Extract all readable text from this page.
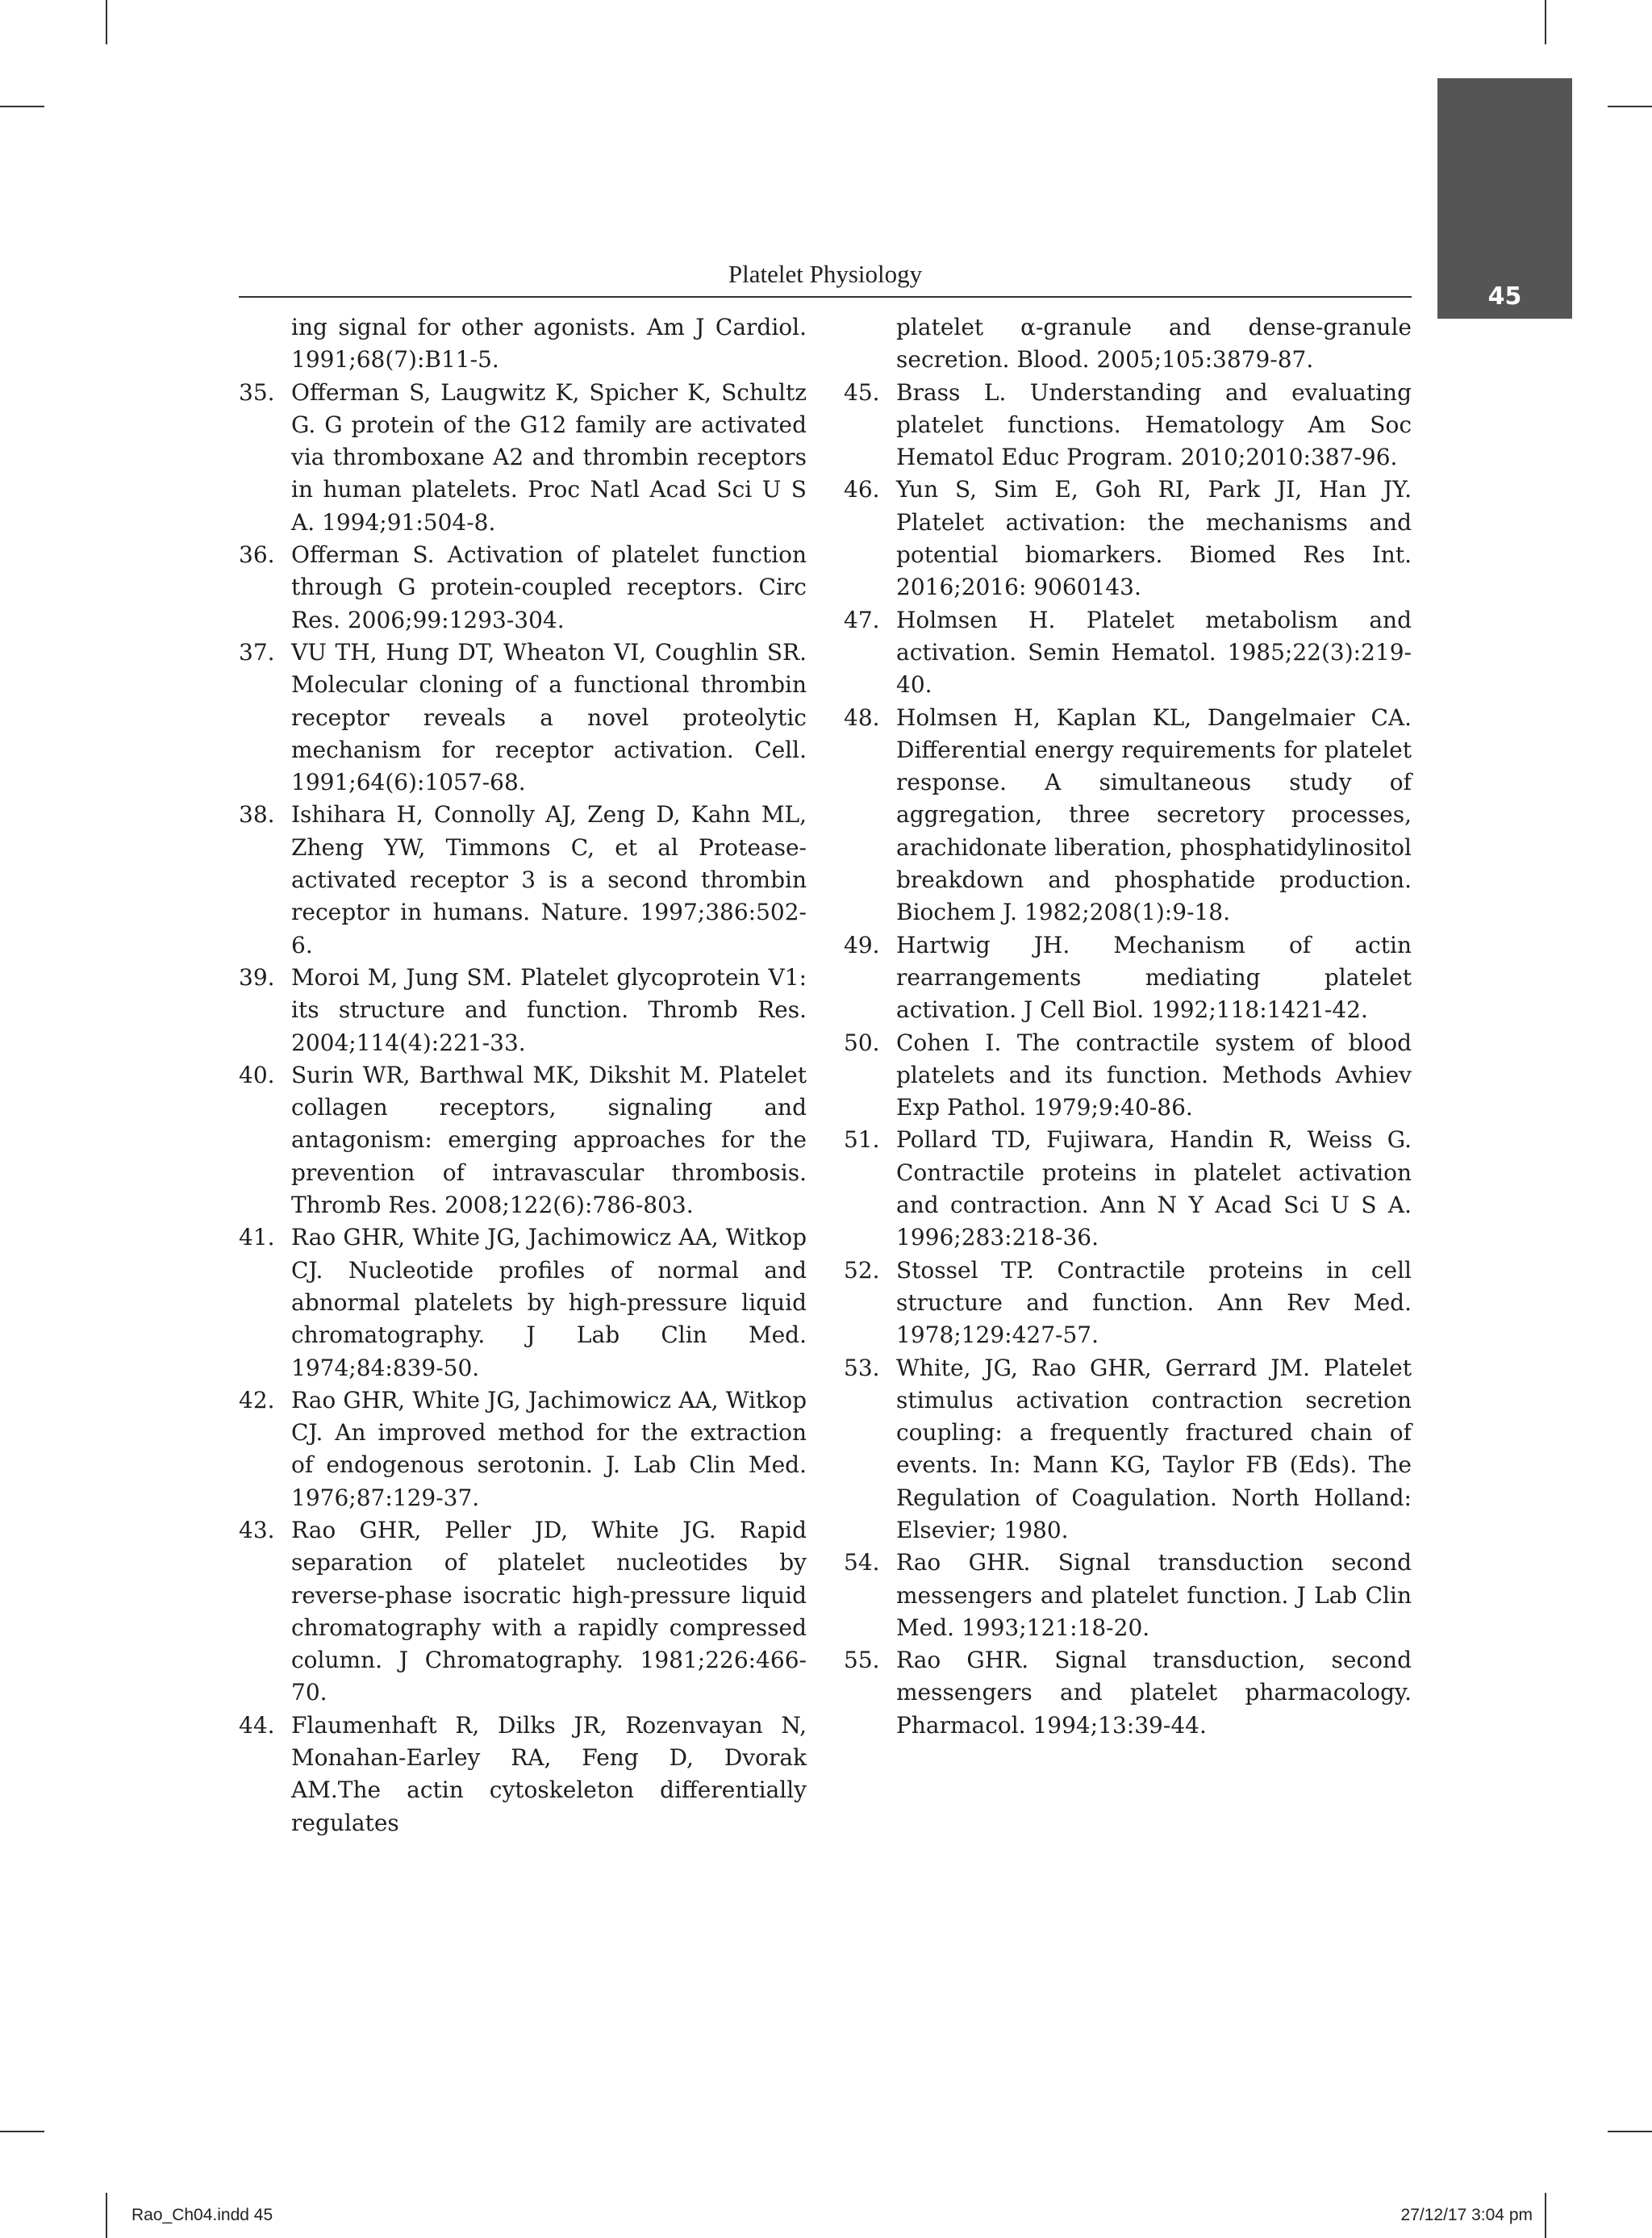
45
Platelet Physiology
ing signal for other agonists. Am J Cardiol. 1991;68(7):B11-5.
35. Offerman S, Laugwitz K, Spicher K, Schultz G. G protein of the G12 family are activated via thromboxane A2 and thrombin receptors in human platelets. Proc Natl Acad Sci U S A. 1994;91:504-8.
36. Offerman S. Activation of platelet function through G protein-coupled receptors. Circ Res. 2006;99:1293-304.
37. VU TH, Hung DT, Wheaton VI, Coughlin SR. Molecular cloning of a functional thrombin receptor reveals a novel proteolytic mechanism for receptor activation. Cell. 1991;64(6):1057-68.
38. Ishihara H, Connolly AJ, Zeng D, Kahn ML, Zheng YW, Timmons C, et al Protease-activated receptor 3 is a second thrombin receptor in humans. Nature. 1997;386:502-6.
39. Moroi M, Jung SM. Platelet glycoprotein V1: its structure and function. Thromb Res. 2004;114(4):221-33.
40. Surin WR, Barthwal MK, Dikshit M. Platelet collagen receptors, signaling and antagonism: emerging approaches for the prevention of intravascular thrombosis. Thromb Res. 2008;122(6):786-803.
41. Rao GHR, White JG, Jachimowicz AA, Witkop CJ. Nucleotide profiles of normal and abnormal platelets by high-pressure liquid chromatography. J Lab Clin Med. 1974;84:839-50.
42. Rao GHR, White JG, Jachimowicz AA, Witkop CJ. An improved method for the extraction of endogenous serotonin. J. Lab Clin Med. 1976;87:129-37.
43. Rao GHR, Peller JD, White JG. Rapid separation of platelet nucleotides by reverse-phase isocratic high-pressure liquid chromatography with a rapidly compressed column. J Chromatography. 1981;226:466-70.
44. Flaumenhaft R, Dilks JR, Rozenvayan N, Monahan-Earley RA, Feng D, Dvorak AM.The actin cytoskeleton differentially regulates
platelet α-granule and dense-granule secretion. Blood. 2005;105:3879-87.
45. Brass L. Understanding and evaluating platelet functions. Hematology Am Soc Hematol Educ Program. 2010;2010:387-96.
46. Yun S, Sim E, Goh RI, Park JI, Han JY. Platelet activation: the mechanisms and potential biomarkers. Biomed Res Int. 2016;2016: 9060143.
47. Holmsen H. Platelet metabolism and activation. Semin Hematol. 1985;22(3):219-40.
48. Holmsen H, Kaplan KL, Dangelmaier CA. Differential energy requirements for platelet response. A simultaneous study of aggregation, three secretory processes, arachidonate liberation, phosphatidylinositol breakdown and phosphatide production. Biochem J. 1982;208(1):9-18.
49. Hartwig JH. Mechanism of actin rearrangements mediating platelet activation. J Cell Biol. 1992;118:1421-42.
50. Cohen I. The contractile system of blood platelets and its function. Methods Avhiev Exp Pathol. 1979;9:40-86.
51. Pollard TD, Fujiwara, Handin R, Weiss G. Contractile proteins in platelet activation and contraction. Ann N Y Acad Sci U S A. 1996;283:218-36.
52. Stossel TP. Contractile proteins in cell structure and function. Ann Rev Med. 1978;129:427-57.
53. White, JG, Rao GHR, Gerrard JM. Platelet stimulus activation contraction secretion coupling: a frequently fractured chain of events. In: Mann KG, Taylor FB (Eds). The Regulation of Coagulation. North Holland: Elsevier; 1980.
54. Rao GHR. Signal transduction second messengers and platelet function. J Lab Clin Med. 1993;121:18-20.
55. Rao GHR. Signal transduction, second messengers and platelet pharmacology. Pharmacol. 1994;13:39-44.
Rao_Ch04.indd 45	27/12/17 3:04 pm
